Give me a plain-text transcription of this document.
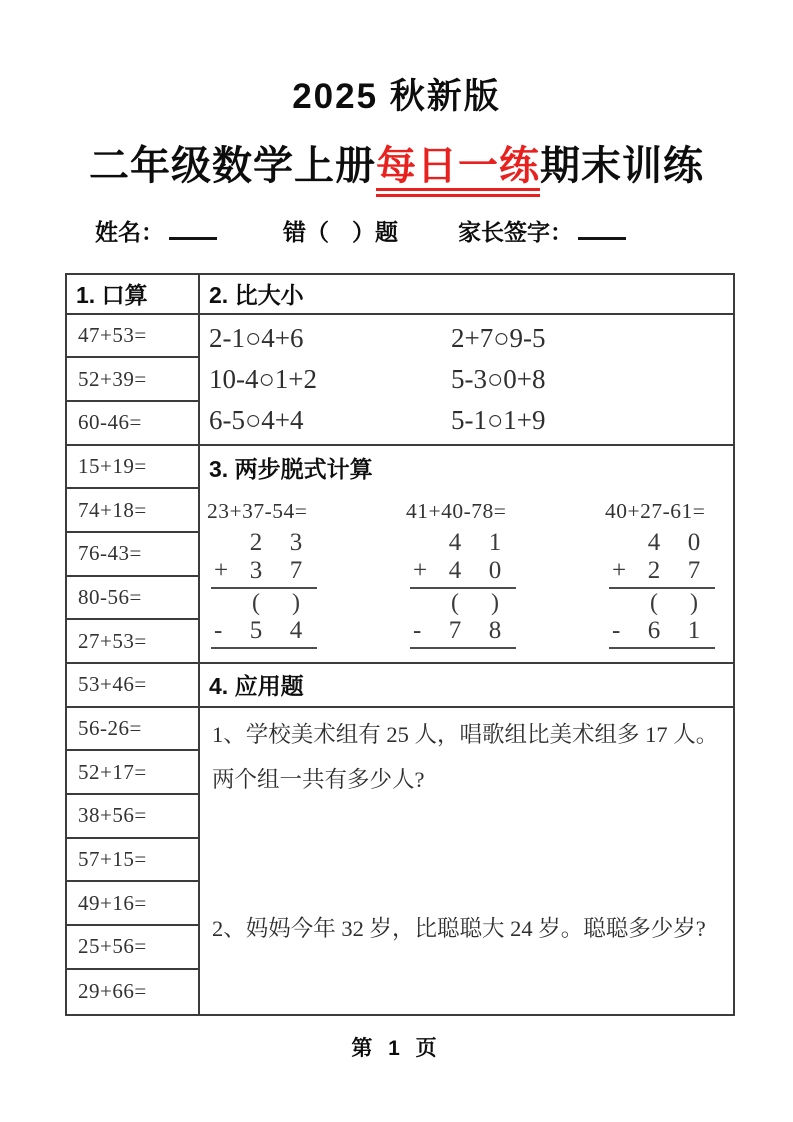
2025 秋新版
二年级数学上册每日一练期末训练
姓名：	错（　）题	家长签字：
1. 口算
47+53=
52+39=
60-46=
15+19=
74+18=
76-43=
80-56=
27+53=
53+46=
56-26=
52+17=
38+56=
57+15=
49+16=
25+56=
29+66=
2. 比大小
2-1○4+6	2+7○9-5
10-4○1+2	5-3○0+8
6-5○4+4	5-1○1+9
3. 两步脱式计算
23+37-54=
2	3
+ 3	7
(	)
-	5	4
41+40-78=
4	1
+ 4	0
(	)
-	7	8
40+27-61=
4	0
+ 2	7
(	)
-	6	1
4. 应用题
1、学校美术组有 25 人，唱歌组比美术组多 17 人。两个组一共有多少人?
2、妈妈今年 32 岁，比聪聪大 24 岁。聪聪多少岁?
第 1 页
